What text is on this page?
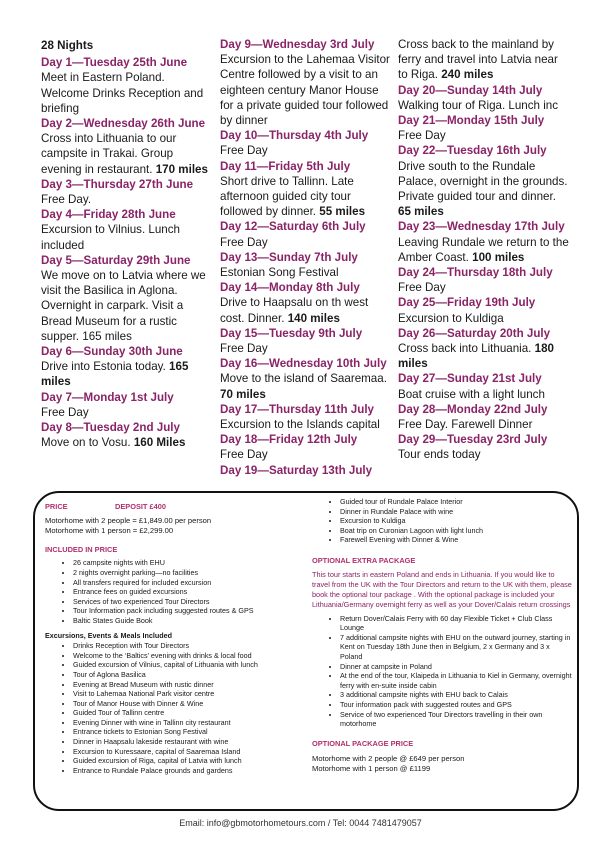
28 Nights
Day 1—Tuesday 25th June
Meet in Eastern Poland. Welcome Drinks Reception and briefing
Day 2—Wednesday 26th June
Cross into Lithuania to our campsite in Trakai. Group evening in restaurant. 170 miles
Day 3—Thursday 27th June
Free Day.
Day 4—Friday 28th June
Excursion to Vilnius. Lunch included
Day 5—Saturday 29th June
We move on to Latvia where we visit the Basilica in Aglona. Overnight in carpark. Visit a Bread Museum for a rustic supper. 165 miles
Day 6—Sunday 30th June
Drive into Estonia today. 165 miles
Day 7—Monday 1st July
Free Day
Day 8—Tuesday 2nd July
Move on to Vosu. 160 Miles
Day 9—Wednesday 3rd July
Excursion to the Lahemaa Visitor Centre followed by a visit to an eighteen century Manor House for a private guided tour followed by dinner
Day 10—Thursday 4th July
Free Day
Day 11—Friday 5th July
Short drive to Tallinn. Late afternoon guided city tour followed by dinner. 55 miles
Day 12—Saturday 6th July
Free Day
Day 13—Sunday 7th July
Estonian Song Festival
Day 14—Monday 8th July
Drive to Haapsalu on th west cost. Dinner. 140 miles
Day 15—Tuesday 9th July
Free Day
Day 16—Wednesday 10th July
Move to the island of Saaremaa. 70 miles
Day 17—Thursday 11th July
Excursion to the Islands capital
Day 18—Friday 12th July
Free Day
Day 19—Saturday 13th July
Cross back to the mainland by ferry and travel into Latvia near to Riga. 240 miles
Day 20—Sunday 14th July
Walking tour of Riga. Lunch inc
Day 21—Monday 15th July
Free Day
Day 22—Tuesday 16th July
Drive south to the Rundale Palace, overnight in the grounds. Private guided tour and dinner. 65 miles
Day 23—Wednesday 17th July
Leaving Rundale we return to the Amber Coast. 100 miles
Day 24—Thursday 18th July
Free Day
Day 25—Friday 19th July
Excursion to Kuldiga
Day 26—Saturday 20th July
Cross back into Lithuania. 180 miles
Day 27—Sunday 21st July
Boat cruise with a light lunch
Day 28—Monday 22nd July
Free Day. Farewell Dinner
Day 29—Tuesday 23rd July
Tour ends today
PRICE	DEPOSIT £400
Motorhome with 2 people = £1,849.00 per person
Motorhome with 1 person = £2,299.00
INCLUDED IN PRICE
• 26 campsite nights with EHU
• 2 nights overnight parking—no facilities
• All transfers required for included excursion
• Entrance fees on guided excursions
• Services of two experienced Tour Directors
• Tour Information pack including suggested routes & GPS
• Baltic States Guide Book
Excursions, Events & Meals Included
• Drinks Reception with Tour Directors
• Welcome to the ‘Baltics’ evening with drinks & local food
• Guided excursion of Vilnius, capital of Lithuania with lunch
• Tour of Aglona Basilica
• Evening at Bread Museum with rustic dinner
• Visit to Lahemaa National Park visitor centre
• Tour of Manor House with Dinner & Wine
• Guided Tour of Tallinn centre
• Evening Dinner with wine in Tallinn city restaurant
• Entrance tickets to Estonian Song Festival
• Dinner in Haapsalu lakeside restaurant with wine
• Excursion to Kuressaare, capital of Saaremaa Island
• Guided excursion of Riga, capital of Latvia with lunch
• Entrance to Rundale Palace grounds and gardens
• Guided tour of Rundale Palace Interior
• Dinner in Rundale Palace with wine
• Excursion to Kuldiga
• Boat trip on Curonian Lagoon with light lunch
• Farewell Evening with Dinner & Wine
OPTIONAL EXTRA PACKAGE
This tour starts in eastern Poland and ends in Lithuania. If you would like to travel from the UK with the Tour Directors and return to the UK with them, please book the optional tour package . With the optional package is included your Lithuania/Germany overnight ferry as well as your Dover/Calais return crossings
• Return Dover/Calais Ferry with 60 day Flexible Ticket + Club Class Lounge
• 7 additional campsite nights with EHU on the outward journey, starting in Kent on Tuesday 18th June then in Belgium, 2 x Germany and 3 x Poland
• Dinner at campsite in Poland
• At the end of the tour, Klaipeda in Lithuania to Kiel in Germany, overnight ferry with en-suite inside cabin
• 3 additional campsite nights with EHU back to Calais
• Tour information pack with suggested routes and GPS
• Service of two experienced Tour Directors travelling in their own motorhome
OPTIONAL PACKAGE PRICE
Motorhome with 2 people @ £649 per person
Motorhome with 1 person @ £1199
Email: info@gbmotorhometours.com / Tel: 0044 7481479057
